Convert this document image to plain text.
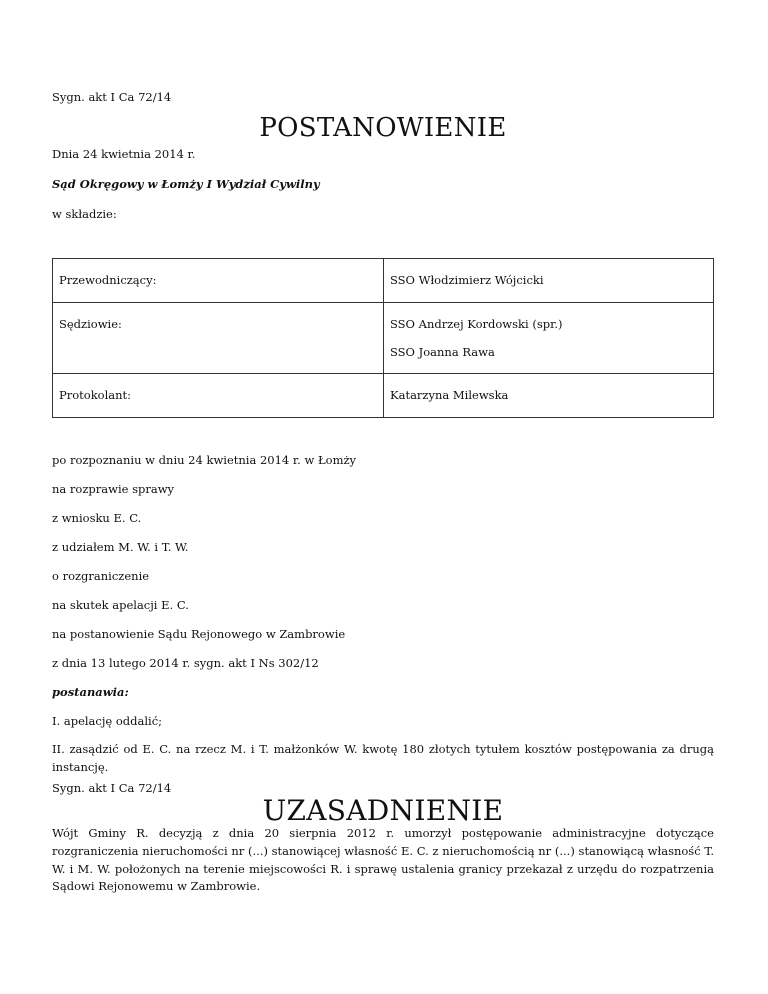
Sygn. akt I Ca 72/14
POSTANOWIENIE
Dnia 24 kwietnia 2014 r.
Sąd Okręgowy w Łomży I Wydział Cywilny
w składzie:
Przewodniczący:	SSO Włodzimierz Wójcicki
Sędziowie:	SSO Andrzej Kordowski (spr.)
SSO Joanna Rawa

Protokolant:	Katarzyna Milewska
po rozpoznaniu w dniu 24 kwietnia 2014 r. w Łomży
na rozprawie sprawy
z wniosku E. C.
z udziałem M. W. i T. W.
o rozgraniczenie
na skutek apelacji E. C.
na postanowienie Sądu Rejonowego w Zambrowie
z dnia 13 lutego 2014 r. sygn. akt I Ns 302/12
postanawia:
I. apelację oddalić;
II. zasądzić od E. C. na rzecz M. i T. małżonków W. kwotę 180 złotych tytułem kosztów postępowania za drugą instancję.
Sygn. akt I Ca 72/14
UZASADNIENIE
Wójt Gminy R. decyzją z dnia 20 sierpnia 2012 r. umorzył postępowanie administracyjne dotyczące rozgraniczenia nieruchomości nr (...) stanowiącej własność E. C. z nieruchomością nr (...) stanowiącą własność T. W. i M. W. położonych na terenie miejscowości R. i sprawę ustalenia granicy przekazał z urzędu do rozpatrzenia Sądowi Rejonowemu w Zambrowie.
